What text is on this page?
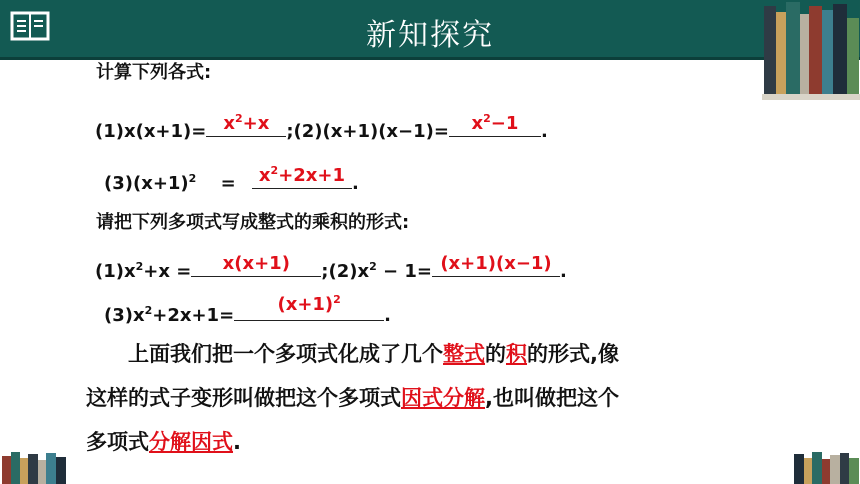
新知探究
计算下列各式:
$(1)x(x+1)= x^2+x$ ;(2)(x+1)(x−1)=	$x^2-1$	.
$(3)(x+1)^2$ =	$x^2+2x+1$ .
请把下列多项式写成整式的乘积的形式:
$(1)x^2+x$ =	x(x+1)	$;(2)x^2 - 1= (x+1)(x-1)$ .
$(3)x^2+2x+1=$
$(x+1)^2$
.
上面我们把一个多项式化成了几个整式的积的形式,像
这样的式子变形叫做把这个多项式因式分解,也叫做把这个
多项式分解因式.
